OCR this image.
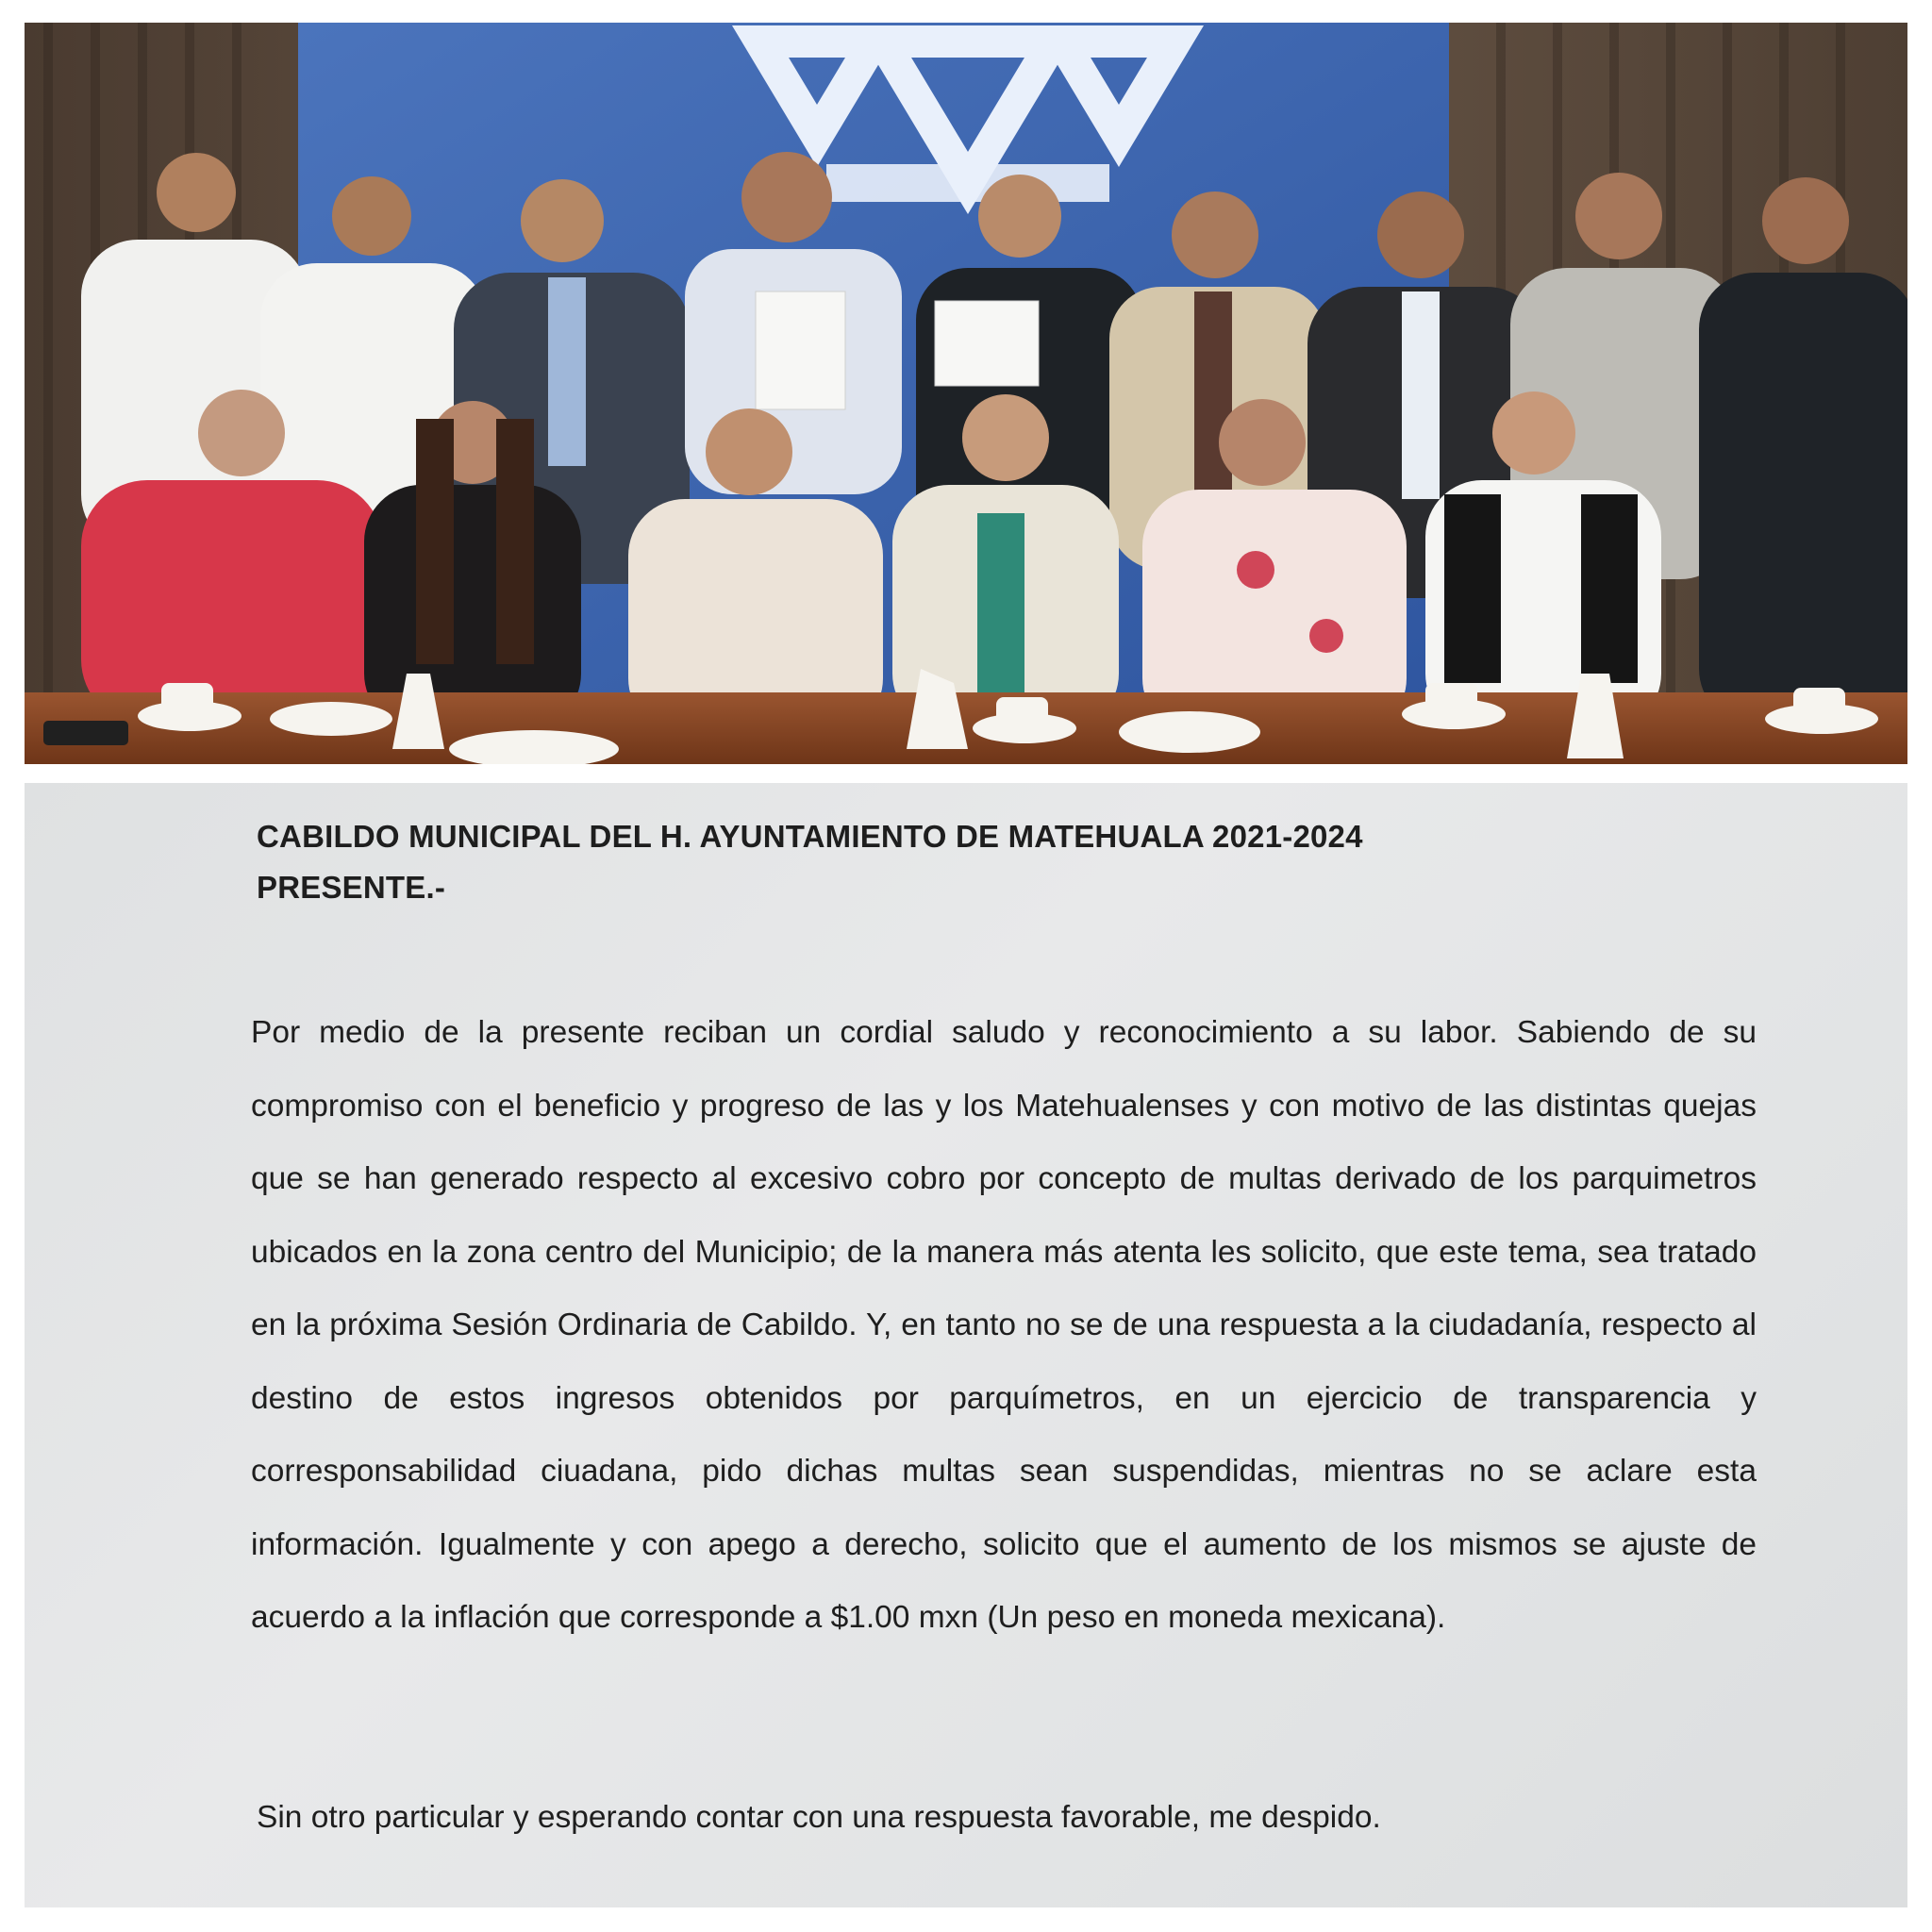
CABILDO MUNICIPAL DEL H. AYUNTAMIENTO DE MATEHUALA 2021-2024
PRESENTE.-
Por medio de la presente reciban un cordial saludo y reconocimiento a su labor. Sabiendo de su compromiso con el beneficio y progreso de las y los Matehualenses y con motivo de las distintas quejas que se han generado respecto al excesivo cobro por concepto de multas derivado de los parquimetros ubicados en la zona centro del Municipio; de la manera más atenta les solicito, que este tema, sea tratado en la próxima Sesión Ordinaria de Cabildo. Y, en tanto no se de una respuesta a la ciudadanía, respecto al destino de estos ingresos obtenidos por parquímetros, en un ejercicio de transparencia y corresponsabilidad ciuadana, pido dichas multas sean suspendidas, mientras no se aclare esta información. Igualmente y con apego a derecho, solicito que el aumento de los mismos se ajuste de acuerdo a la inflación que corresponde a $1.00 mxn (Un peso en moneda mexicana).
Sin otro particular y esperando contar con una respuesta favorable, me despido.
